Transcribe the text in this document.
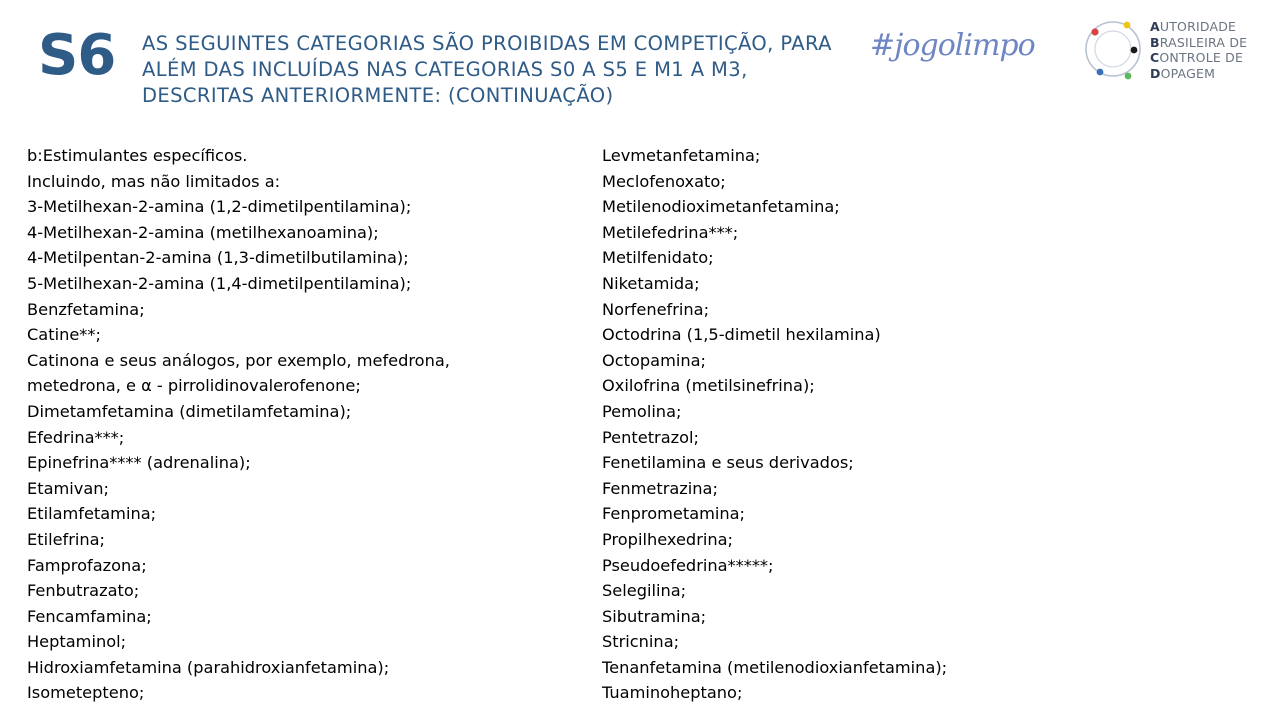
S6 AS SEGUINTES CATEGORIAS SÃO PROIBIDAS EM COMPETIÇÃO, PARA ALÉM DAS INCLUÍDAS NAS CATEGORIAS S0 A S5 E M1 A M3, DESCRITAS ANTERIORMENTE: (CONTINUAÇÃO)
#jogolimpo
AUTORIDADE
BRASILEIRA DE
CONTROLE DE
DOPAGEM
b:Estimulantes específicos.
Incluindo, mas não limitados a:
3-Metilhexan-2-amina (1,2-dimetilpentilamina);
4-Metilhexan-2-amina (metilhexanoamina);
4-Metilpentan-2-amina (1,3-dimetilbutilamina);
5-Metilhexan-2-amina (1,4-dimetilpentilamina);
Benzfetamina;
Catine**;
Catinona e seus análogos, por exemplo, mefedrona,
metedrona, e α - pirrolidinovalerofenone;
Dimetamfetamina (dimetilamfetamina);
Efedrina***;
Epinefrina**** (adrenalina);
Etamivan;
Etilamfetamina;
Etilefrina;
Famprofazona;
Fenbutrazato;
Fencamfamina;
Heptaminol;
Hidroxiamfetamina (parahidroxianfetamina);
Isometepteno;
Levmetanfetamina;
Meclofenoxato;
Metilenodioximetanfetamina;
Metilefedrina***;
Metilfenidato;
Niketamida;
Norfenefrina;
Octodrina (1,5-dimetil hexilamina)
Octopamina;
Oxilofrina (metilsinefrina);
Pemolina;
Pentetrazol;
Fenetilamina e seus derivados;
Fenmetrazina;
Fenprometamina;
Propilhexedrina;
Pseudoefedrina*****;
Selegilina;
Sibutramina;
Stricnina;
Tenanfetamina (metilenodioxianfetamina);
Tuaminoheptano;
